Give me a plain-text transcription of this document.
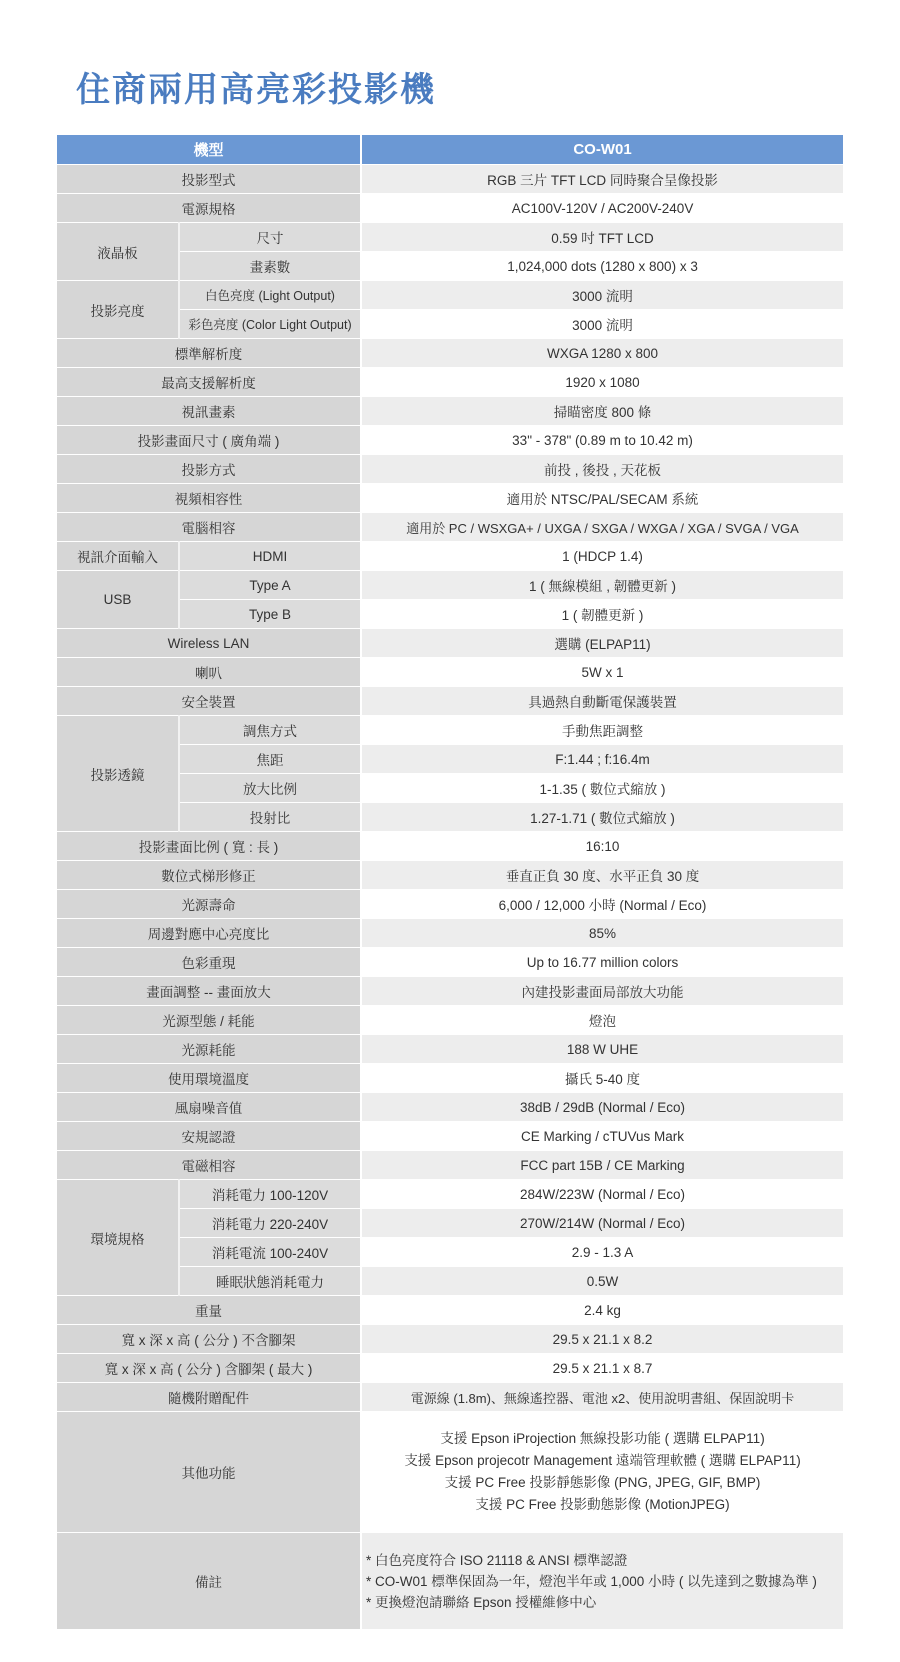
住商兩用高亮彩投影機
機型		CO-W01
投影型式		RGB 三片 TFT LCD 同時聚合呈像投影
電源規格		AC100V-120V / AC200V-240V
液晶板	尺寸	0.59 吋 TFT LCD
	畫素數	1,024,000 dots (1280 x 800) x 3
投影亮度	白色亮度 (Light Output)	3000 流明
	彩色亮度 (Color Light Output)	3000 流明
標準解析度		WXGA 1280 x 800
最高支援解析度		1920 x 1080
視訊畫素		掃瞄密度 800 條
投影畫面尺寸 ( 廣角端 )		33" - 378" (0.89 m to 10.42 m)
投影方式		前投 , 後投 , 天花板
視頻相容性		適用於 NTSC/PAL/SECAM 系統
電腦相容		適用於 PC / WSXGA+ / UXGA / SXGA / WXGA / XGA / SVGA / VGA
視訊介面輸入	HDMI	1 (HDCP 1.4)
USB	Type A	1 ( 無線模組 , 韌體更新 )
	Type B	1 ( 韌體更新 )
Wireless LAN		選購 (ELPAP11)
喇叭		5W x 1
安全裝置		具過熱自動斷電保護裝置
投影透鏡	調焦方式	手動焦距調整
	焦距	F:1.44 ; f:16.4m
	放大比例	1-1.35 ( 數位式縮放 )
	投射比	1.27-1.71 ( 數位式縮放 )
投影畫面比例 ( 寬 : 長 )		16:10
數位式梯形修正		垂直正負 30 度、水平正負 30 度
光源壽命		6,000 / 12,000 小時 (Normal / Eco)
周邊對應中心亮度比		85%
色彩重現		Up to 16.77 million colors
畫面調整 -- 畫面放大		內建投影畫面局部放大功能
光源型態 / 耗能		燈泡
光源耗能		188 W UHE
使用環境溫度		攝氏 5-40 度
風扇噪音值		38dB / 29dB (Normal / Eco)
安規認證		CE Marking / cTUVus Mark
電磁相容		FCC part 15B / CE Marking
環境規格	消耗電力 100-120V	284W/223W (Normal / Eco)
	消耗電力 220-240V	270W/214W (Normal / Eco)
	消耗電流 100-240V	2.9 - 1.3 A
	睡眠狀態消耗電力	0.5W
重量		2.4 kg
寬 x 深 x 高 ( 公分 ) 不含腳架		29.5 x 21.1 x 8.2
寬 x 深 x 高 ( 公分 ) 含腳架 ( 最大 )		29.5 x 21.1 x 8.7
隨機附贈配件		電源線 (1.8m)、無線遙控器、電池 x2、使用說明書組、保固說明卡
其他功能		支援 Epson iProjection 無線投影功能 ( 選購 ELPAP11)
支援 Epson projecotr Management 遠端管理軟體 ( 選購 ELPAP11)
支援 PC Free 投影靜態影像 (PNG, JPEG, GIF, BMP)
支援 PC Free 投影動態影像 (MotionJPEG)

備註		* 白色亮度符合 ISO 21118 & ANSI 標準認證
* CO-W01 標準保固為一年，燈泡半年或 1,000 小時 ( 以先達到之數據為準 )
* 更換燈泡請聯絡 Epson 授權維修中心
